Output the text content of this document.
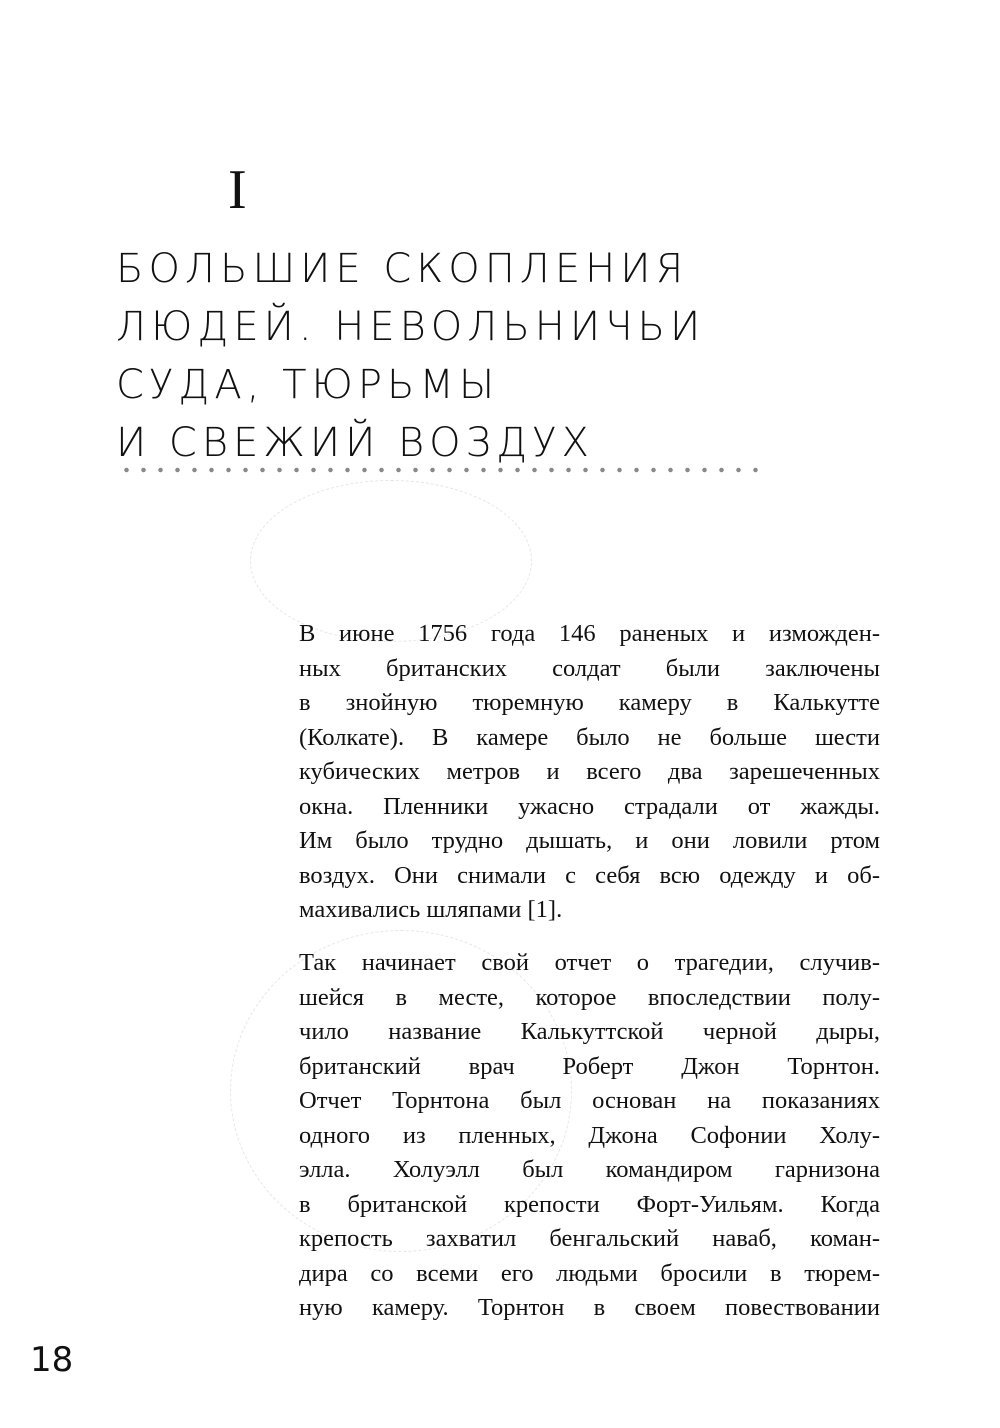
I
БОЛЬШИЕ СКОПЛЕНИЯ
ЛЮДЕЙ. НЕВОЛЬНИЧЬИ
СУДА, ТЮРЬМЫ
И СВЕЖИЙ ВОЗДУХ
В июне 1756 года 146 раненых и изможден-
ных британских солдат были заключены
в знойную тюремную камеру в Калькутте
(Колкате). В камере было не больше шести
кубических метров и всего два зарешеченных
окна. Пленники ужасно страдали от жажды.
Им было трудно дышать, и они ловили ртом
воздух. Они снимали с себя всю одежду и об-
махивались шляпами [1].
Так начинает свой отчет о трагедии, случив-
шейся в месте, которое впоследствии полу-
чило название Калькуттской черной дыры,
британский врач Роберт Джон Торнтон.
Отчет Торнтона был основан на показаниях
одного из пленных, Джона Софонии Холу-
элла. Холуэлл был командиром гарнизона
в британской крепости Форт-Уильям. Когда
крепость захватил бенгальский наваб, коман-
дира со всеми его людьми бросили в тюрем-
ную камеру. Торнтон в своем повествовании
18
